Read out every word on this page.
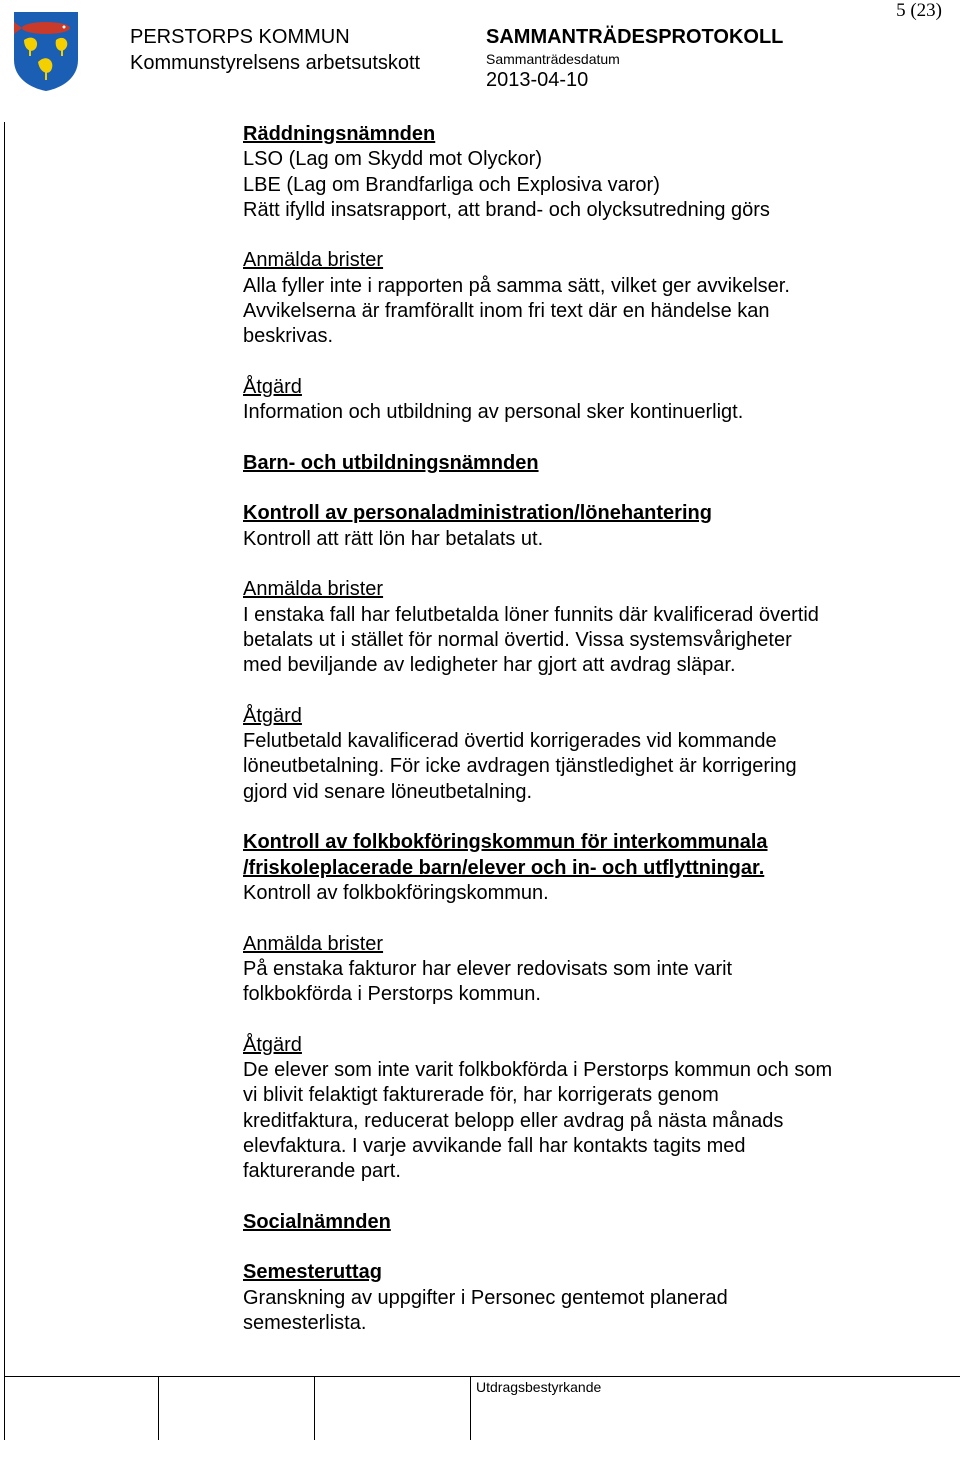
PERSTORPS KOMMUN
Kommunstyrelsens arbetsutskott
SAMMANTRÄDESPROTOKOLL
Sammanträdesdatum
2013-04-10
5 (23)

Räddningsnämnden

LSO (Lag om Skydd mot Olyckor)

LBE (Lag om Brandfarliga och Explosiva varor)

Rätt ifylld insatsrapport, att brand- och olycksutredning görs

Anmälda brister

Alla fyller inte i rapporten på samma sätt, vilket ger avvikelser.

Avvikelserna är framförallt inom fri text där en händelse kan

beskrivas.

Åtgärd

Information och utbildning av personal sker kontinuerligt.

Barn- och utbildningsnämnden

Kontroll av personaladministration/lönehantering

Kontroll att rätt lön har betalats ut.

Anmälda brister

I enstaka fall har felutbetalda löner funnits där kvalificerad övertid

betalats ut i stället för normal övertid. Vissa systemsvårigheter

med beviljande av ledigheter har gjort att avdrag släpar.

Åtgärd

Felutbetald kavalificerad övertid korrigerades vid kommande

löneutbetalning. För icke avdragen tjänstledighet är korrigering

gjord vid senare löneutbetalning.

Kontroll av folkbokföringskommun för interkommunala

/friskoleplacerade barn/elever och in- och utflyttningar.

Kontroll av folkbokföringskommun.

Anmälda brister

På enstaka fakturor har elever redovisats som inte varit

folkbokförda i Perstorps kommun.

Åtgärd

De elever som inte varit folkbokförda i Perstorps kommun och som

vi blivit felaktigt fakturerade för, har korrigerats genom

kreditfaktura, reducerat belopp eller avdrag på nästa månads

elevfaktura. I varje avvikande fall har kontakts tagits med

fakturerande part.

Socialnämnden

Semesteruttag

Granskning av uppgifter i Personec gentemot planerad

semesterlista.

Utdragsbestyrkande
